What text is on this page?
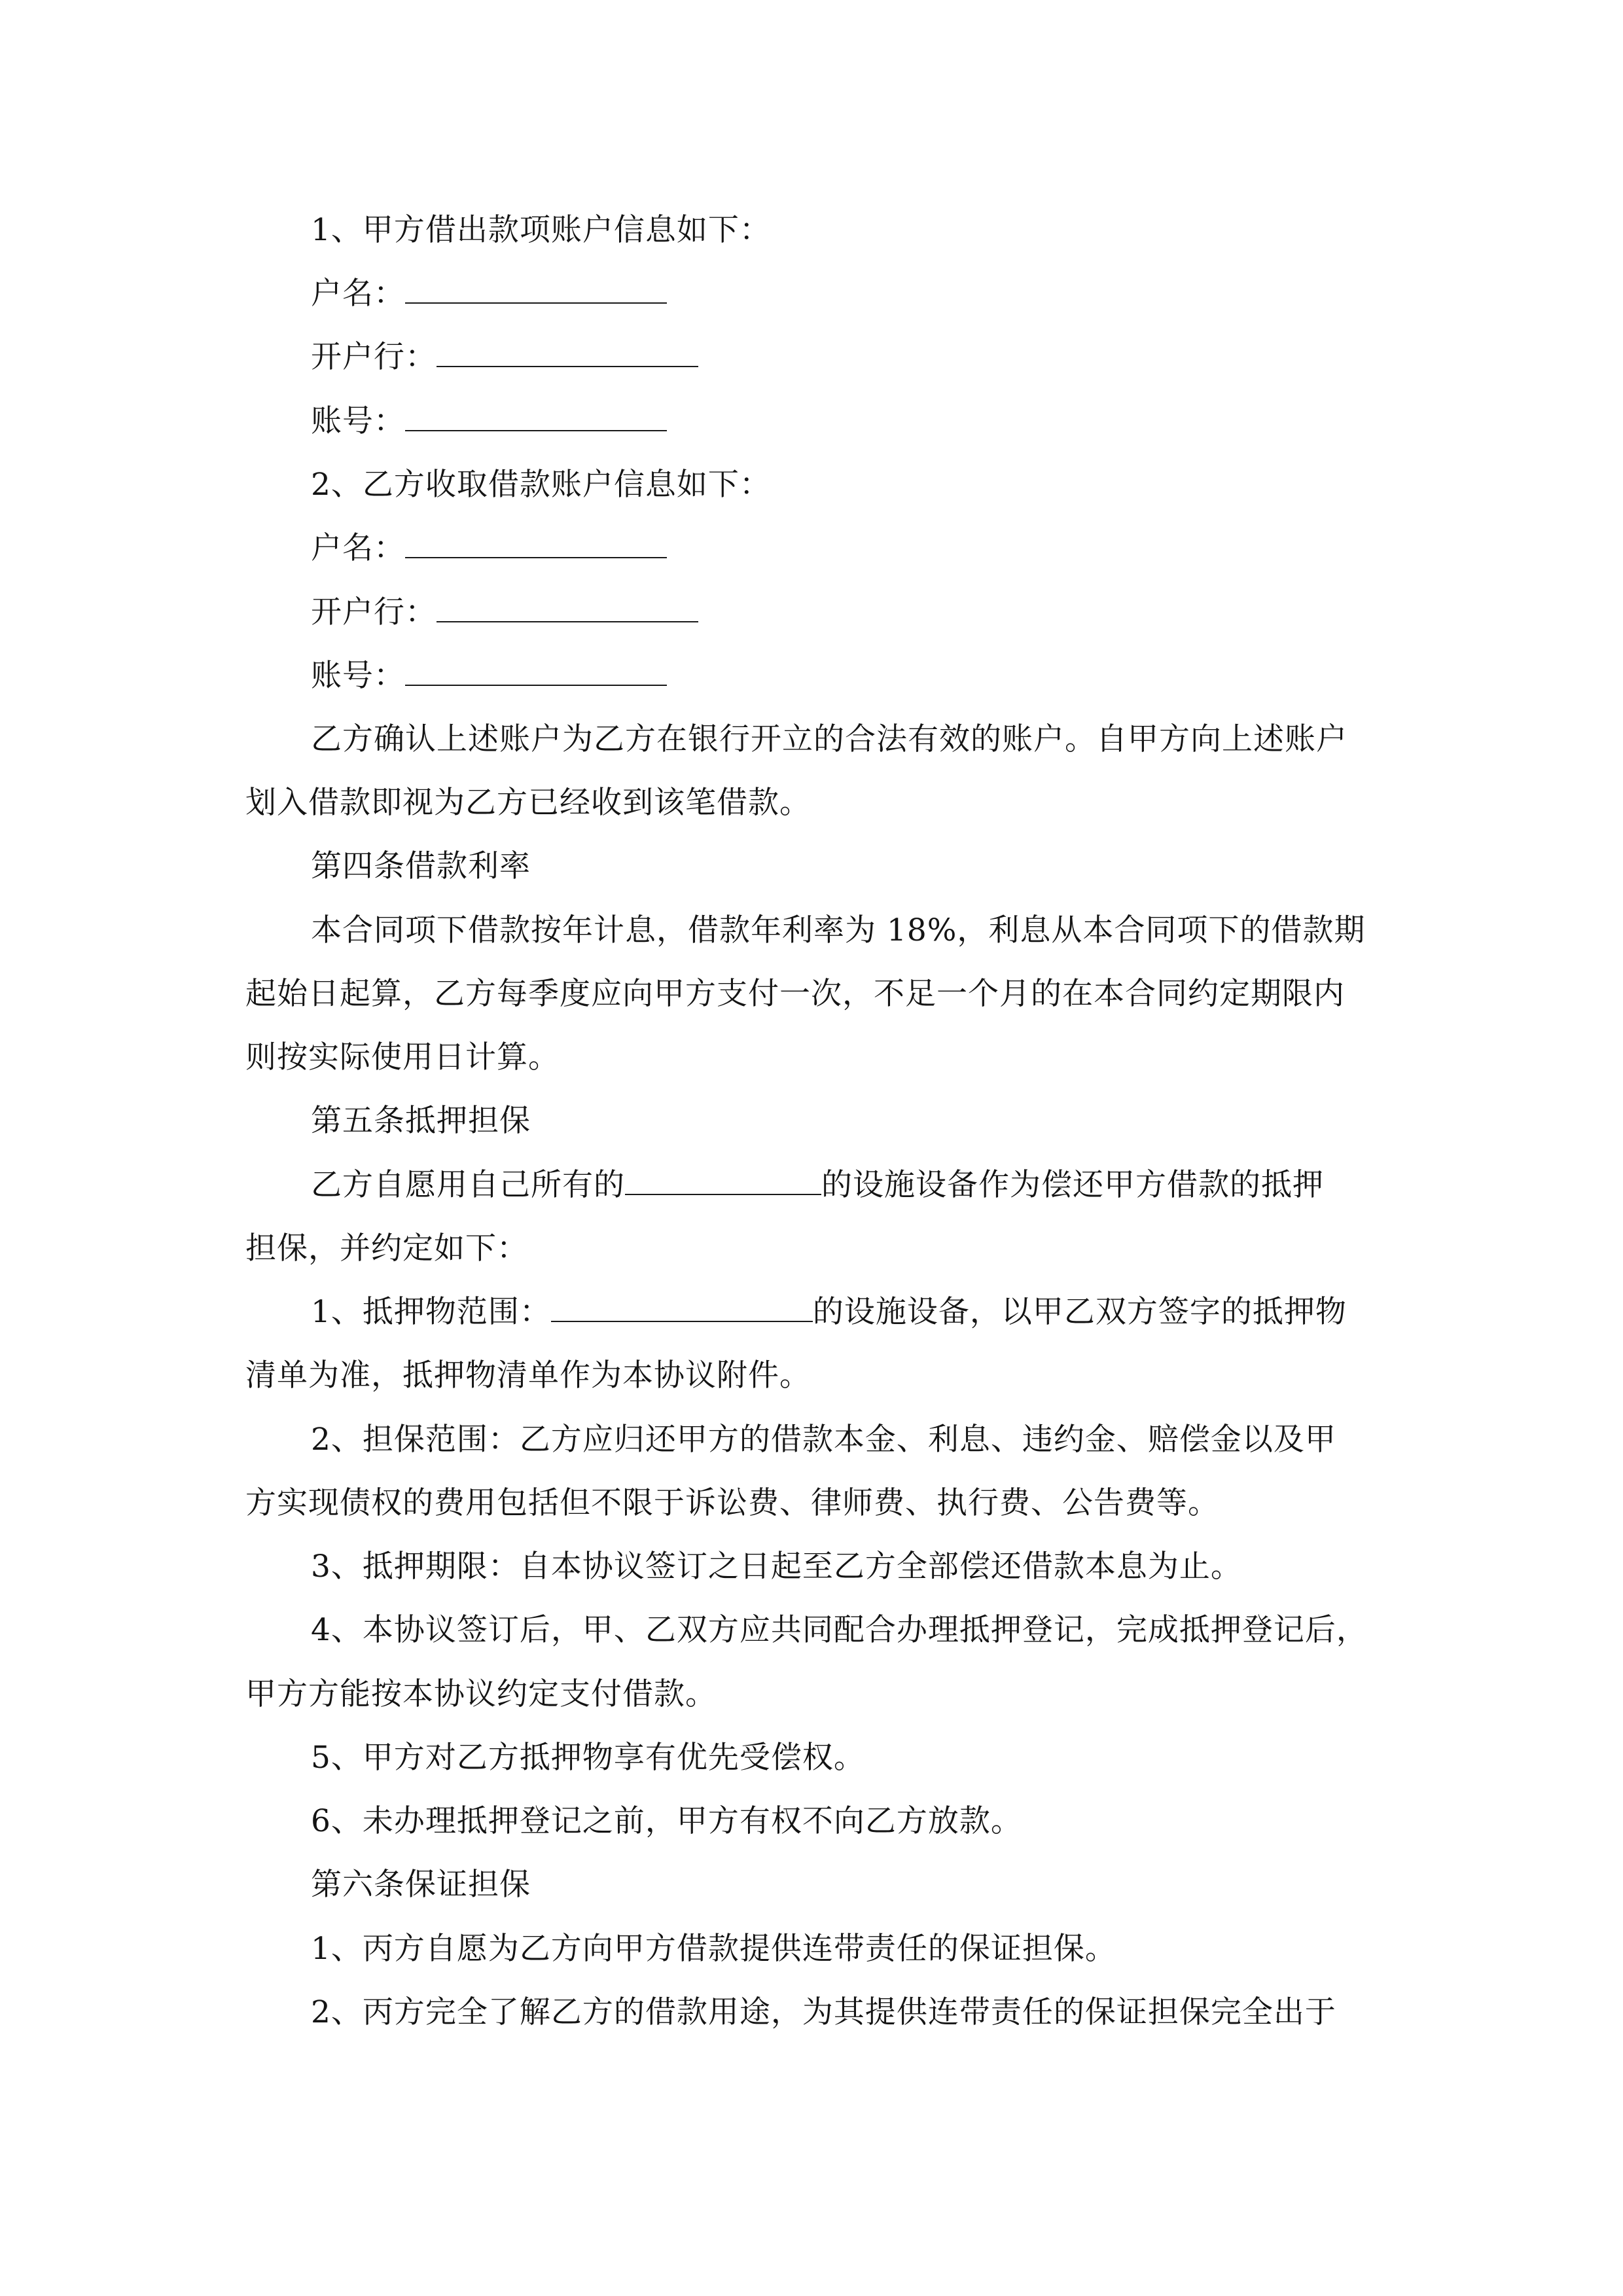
1、甲方借出款项账户信息如下：
户名：
开户行：
账号：
2、乙方收取借款账户信息如下：
户名：
开户行：
账号：
乙方确认上述账户为乙方在银行开立的合法有效的账户。自甲方向上述账户
划入借款即视为乙方已经收到该笔借款。
第四条借款利率
本合同项下借款按年计息，借款年利率为 18%，利息从本合同项下的借款期
起始日起算，乙方每季度应向甲方支付一次，不足一个月的在本合同约定期限内
则按实际使用日计算。
第五条抵押担保
乙方自愿用自己所有的	的设施设备作为偿还甲方借款的抵押
担保，并约定如下：
1、抵押物范围：	的设施设备，以甲乙双方签字的抵押物
清单为准，抵押物清单作为本协议附件。
2、担保范围：乙方应归还甲方的借款本金、利息、违约金、赔偿金以及甲
方实现债权的费用包括但不限于诉讼费、律师费、执行费、公告费等。
3、抵押期限：自本协议签订之日起至乙方全部偿还借款本息为止。
4、本协议签订后，甲、乙双方应共同配合办理抵押登记，完成抵押登记后，
甲方方能按本协议约定支付借款。
5、甲方对乙方抵押物享有优先受偿权。
6、未办理抵押登记之前，甲方有权不向乙方放款。
第六条保证担保
1、丙方自愿为乙方向甲方借款提供连带责任的保证担保。
2、丙方完全了解乙方的借款用途，为其提供连带责任的保证担保完全出于
